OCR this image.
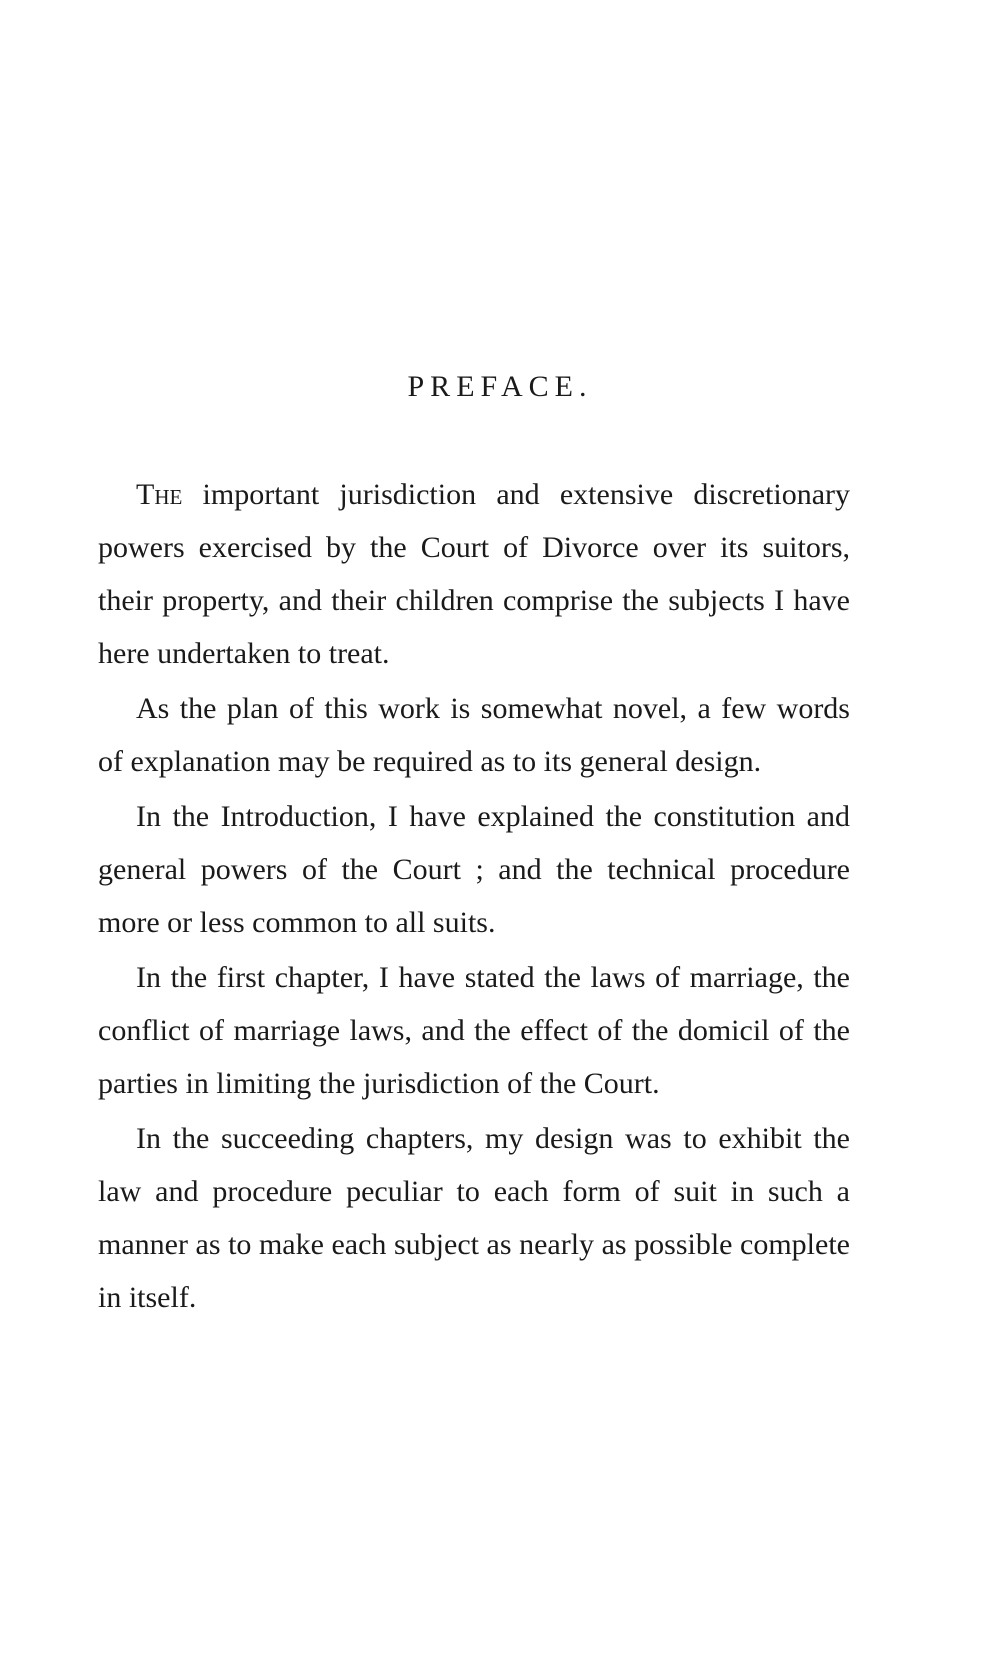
PREFACE.

The important jurisdiction and extensive discretionary powers exercised by the Court of Divorce over its suitors, their property, and their children comprise the subjects I have here undertaken to treat.

As the plan of this work is somewhat novel, a few words of explanation may be required as to its general design.

In the Introduction, I have explained the constitution and general powers of the Court ; and the technical procedure more or less common to all suits.

In the first chapter, I have stated the laws of marriage, the conflict of marriage laws, and the effect of the domicil of the parties in limiting the jurisdiction of the Court.

In the succeeding chapters, my design was to exhibit the law and procedure peculiar to each form of suit in such a manner as to make each subject as nearly as possible complete in itself.
